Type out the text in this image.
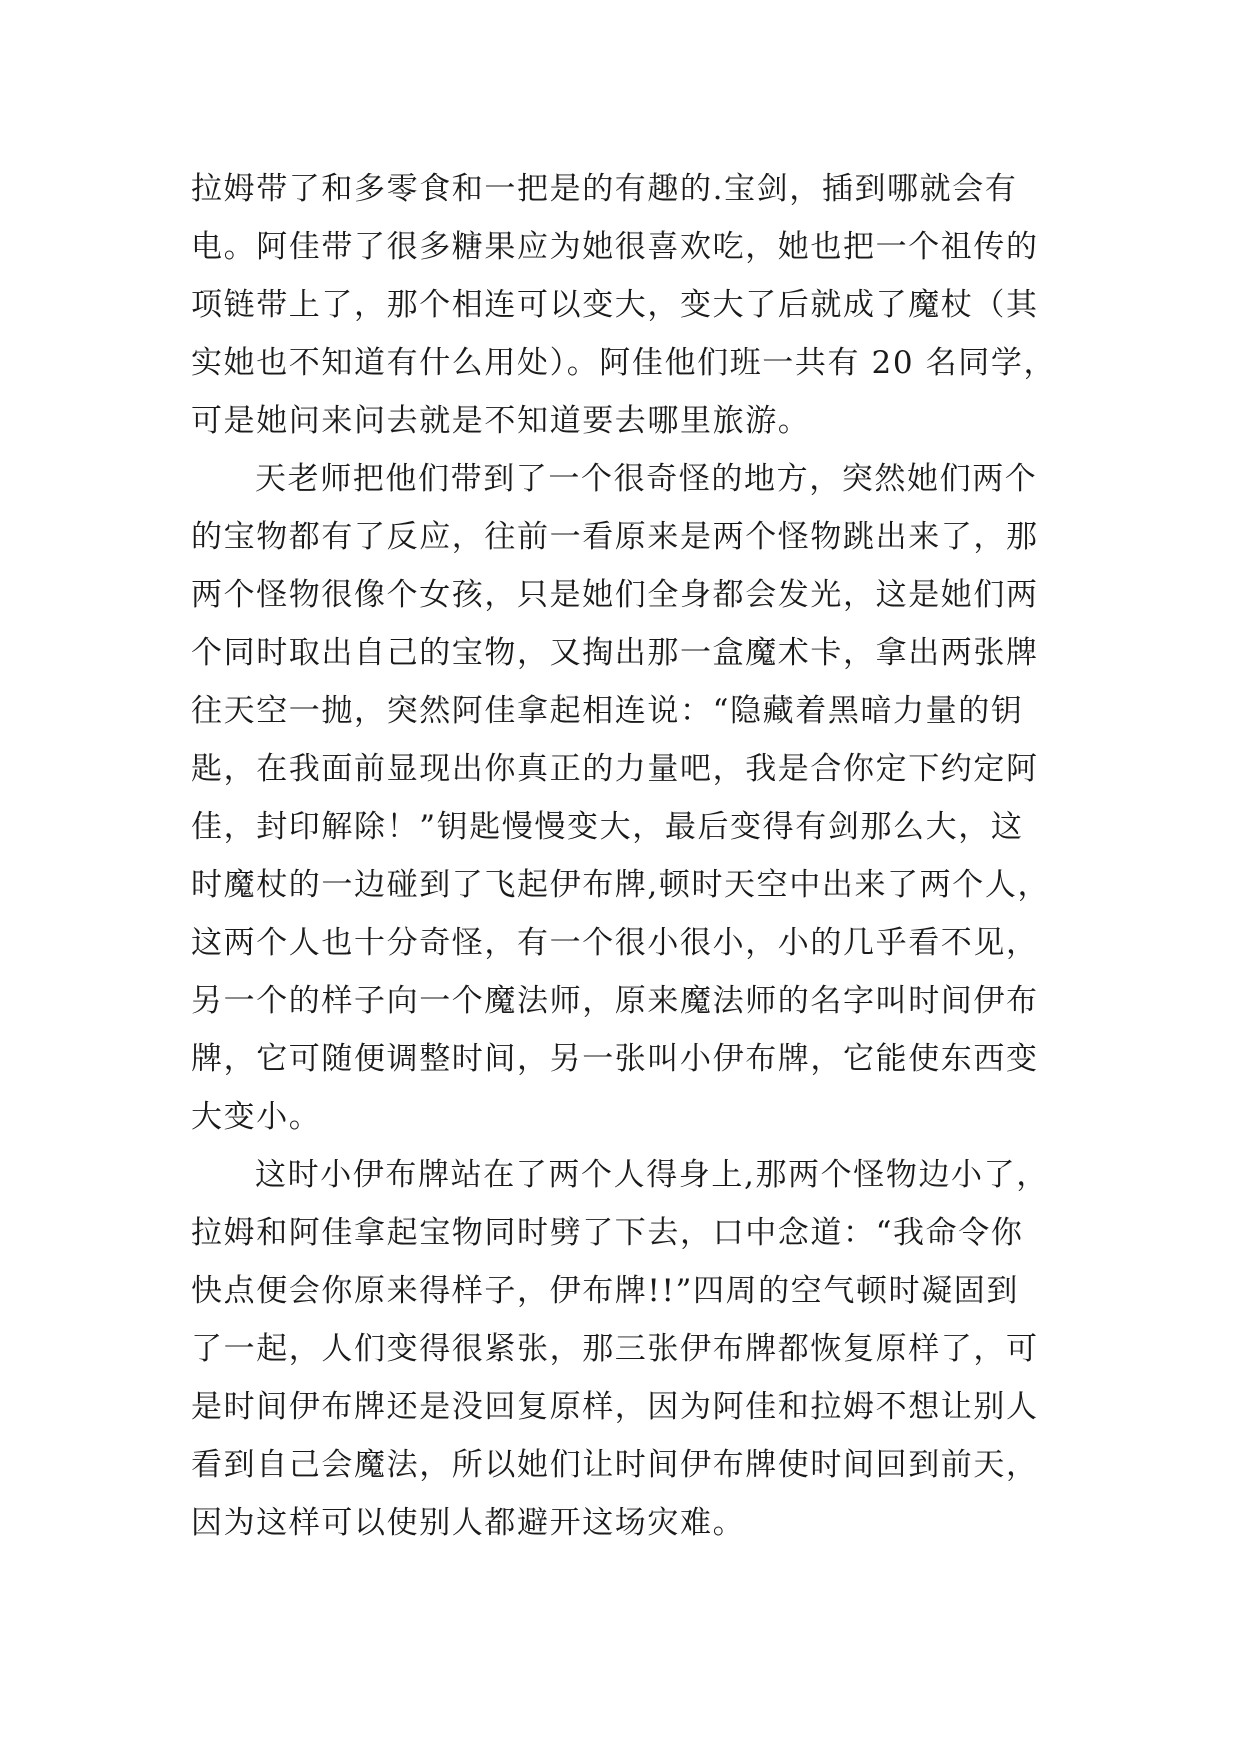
拉姆带了和多零食和一把是的有趣的.宝剑，插到哪就会有
电。阿佳带了很多糖果应为她很喜欢吃，她也把一个祖传的
项链带上了，那个相连可以变大，变大了后就成了魔杖（其
实她也不知道有什么用处）。阿佳他们班一共有 20 名同学，
可是她问来问去就是不知道要去哪里旅游。
天老师把他们带到了一个很奇怪的地方，突然她们两个
的宝物都有了反应，往前一看原来是两个怪物跳出来了，那
两个怪物很像个女孩，只是她们全身都会发光，这是她们两
个同时取出自己的宝物，又掏出那一盒魔术卡，拿出两张牌
往天空一抛，突然阿佳拿起相连说：“隐藏着黑暗力量的钥
匙，在我面前显现出你真正的力量吧，我是合你定下约定阿
佳，封印解除！”钥匙慢慢变大，最后变得有剑那么大，这
时魔杖的一边碰到了飞起伊布牌,顿时天空中出来了两个人，
这两个人也十分奇怪，有一个很小很小，小的几乎看不见，
另一个的样子向一个魔法师，原来魔法师的名字叫时间伊布
牌，它可随便调整时间，另一张叫小伊布牌，它能使东西变
大变小。
这时小伊布牌站在了两个人得身上,那两个怪物边小了，
拉姆和阿佳拿起宝物同时劈了下去，口中念道：“我命令你
快点便会你原来得样子，伊布牌!!”四周的空气顿时凝固到
了一起，人们变得很紧张，那三张伊布牌都恢复原样了，可
是时间伊布牌还是没回复原样，因为阿佳和拉姆不想让别人
看到自己会魔法，所以她们让时间伊布牌使时间回到前天，
因为这样可以使别人都避开这场灾难。
